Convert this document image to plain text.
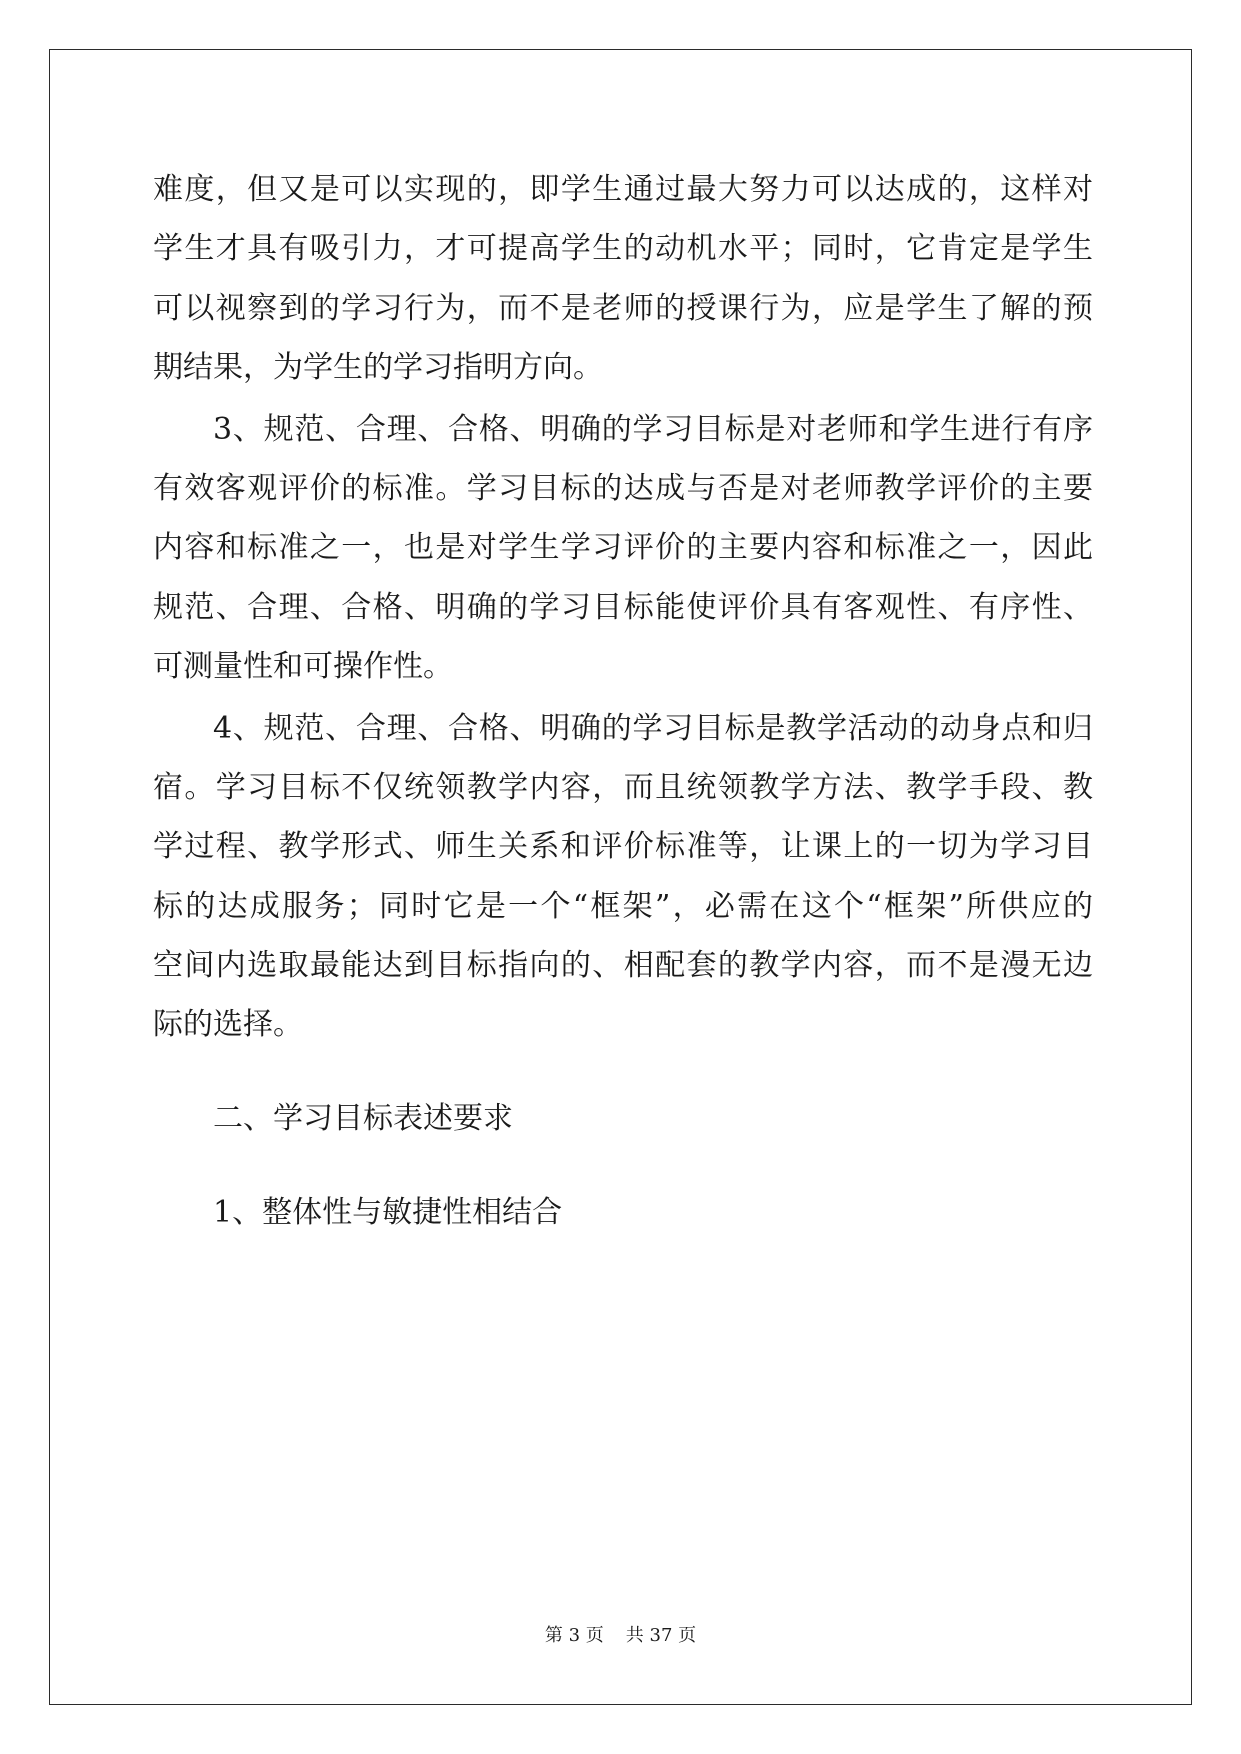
难度，但又是可以实现的，即学生通过最大努力可以达成的，这样对
学生才具有吸引力，才可提高学生的动机水平；同时，它肯定是学生
可以视察到的学习行为，而不是老师的授课行为，应是学生了解的预
期结果，为学生的学习指明方向。
3、规范、合理、合格、明确的学习目标是对老师和学生进行有序
有效客观评价的标准。学习目标的达成与否是对老师教学评价的主要
内容和标准之一，也是对学生学习评价的主要内容和标准之一，因此
规范、合理、合格、明确的学习目标能使评价具有客观性、有序性、
可测量性和可操作性。
4、规范、合理、合格、明确的学习目标是教学活动的动身点和归
宿。学习目标不仅统领教学内容，而且统领教学方法、教学手段、教
学过程、教学形式、师生关系和评价标准等，让课上的一切为学习目
标的达成服务；同时它是一个“框架”，必需在这个“框架”所供应的
空间内选取最能达到目标指向的、相配套的教学内容，而不是漫无边
际的选择。
二、学习目标表述要求
1、整体性与敏捷性相结合
第 3 页 共 37 页
